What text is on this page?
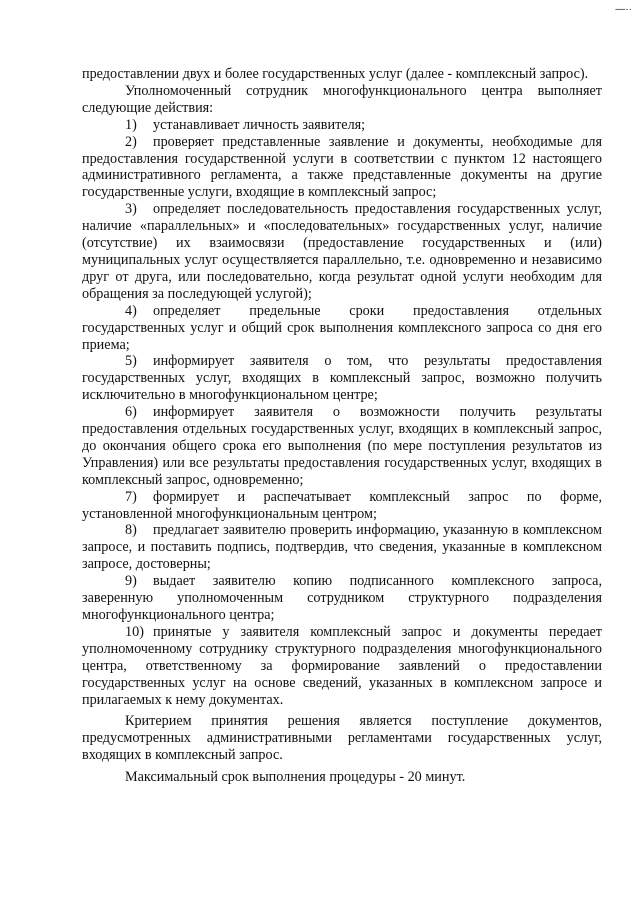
—··

предоставлении двух и более государственных услуг (далее - комплексный запрос).

Уполномоченный сотрудник многофункционального центра выполняет следующие действия:

1) устанавливает личность заявителя;

2) проверяет представленные заявление и документы, необходимые для предоставления государственной услуги в соответствии с пунктом 12 настоящего административного регламента, а также представленные документы на другие государственные услуги, входящие в комплексный запрос;

3) определяет последовательность предоставления государственных услуг, наличие «параллельных» и «последовательных» государственных услуг, наличие (отсутствие) их взаимосвязи (предоставление государственных и (или) муниципальных услуг осуществляется параллельно, т.е. одновременно и независимо друг от друга, или последовательно, когда результат одной услуги необходим для обращения за последующей услугой);

4) определяет предельные сроки предоставления отдельных государственных услуг и общий срок выполнения комплексного запроса со дня его приема;

5) информирует заявителя о том, что результаты предоставления государственных услуг, входящих в комплексный запрос, возможно получить исключительно в многофункциональном центре;

6) информирует заявителя о возможности получить результаты предоставления отдельных государственных услуг, входящих в комплексный запрос, до окончания общего срока его выполнения (по мере поступления результатов из Управления) или все результаты предоставления государственных услуг, входящих в комплексный запрос, одновременно;

7) формирует и распечатывает комплексный запрос по форме, установленной многофункциональным центром;

8) предлагает заявителю проверить информацию, указанную в комплексном запросе, и поставить подпись, подтвердив, что сведения, указанные в комплексном запросе, достоверны;

9) выдает заявителю копию подписанного комплексного запроса, заверенную уполномоченным сотрудником структурного подразделения многофункционального центра;

10) принятые у заявителя комплексный запрос и документы передает уполномоченному сотруднику структурного подразделения многофункционального центра, ответственному за формирование заявлений о предоставлении государственных услуг на основе сведений, указанных в комплексном запросе и прилагаемых к нему документах.

Критерием принятия решения является поступление документов, предусмотренных административными регламентами государственных услуг, входящих в комплексный запрос.

Максимальный срок выполнения процедуры - 20 минут.
